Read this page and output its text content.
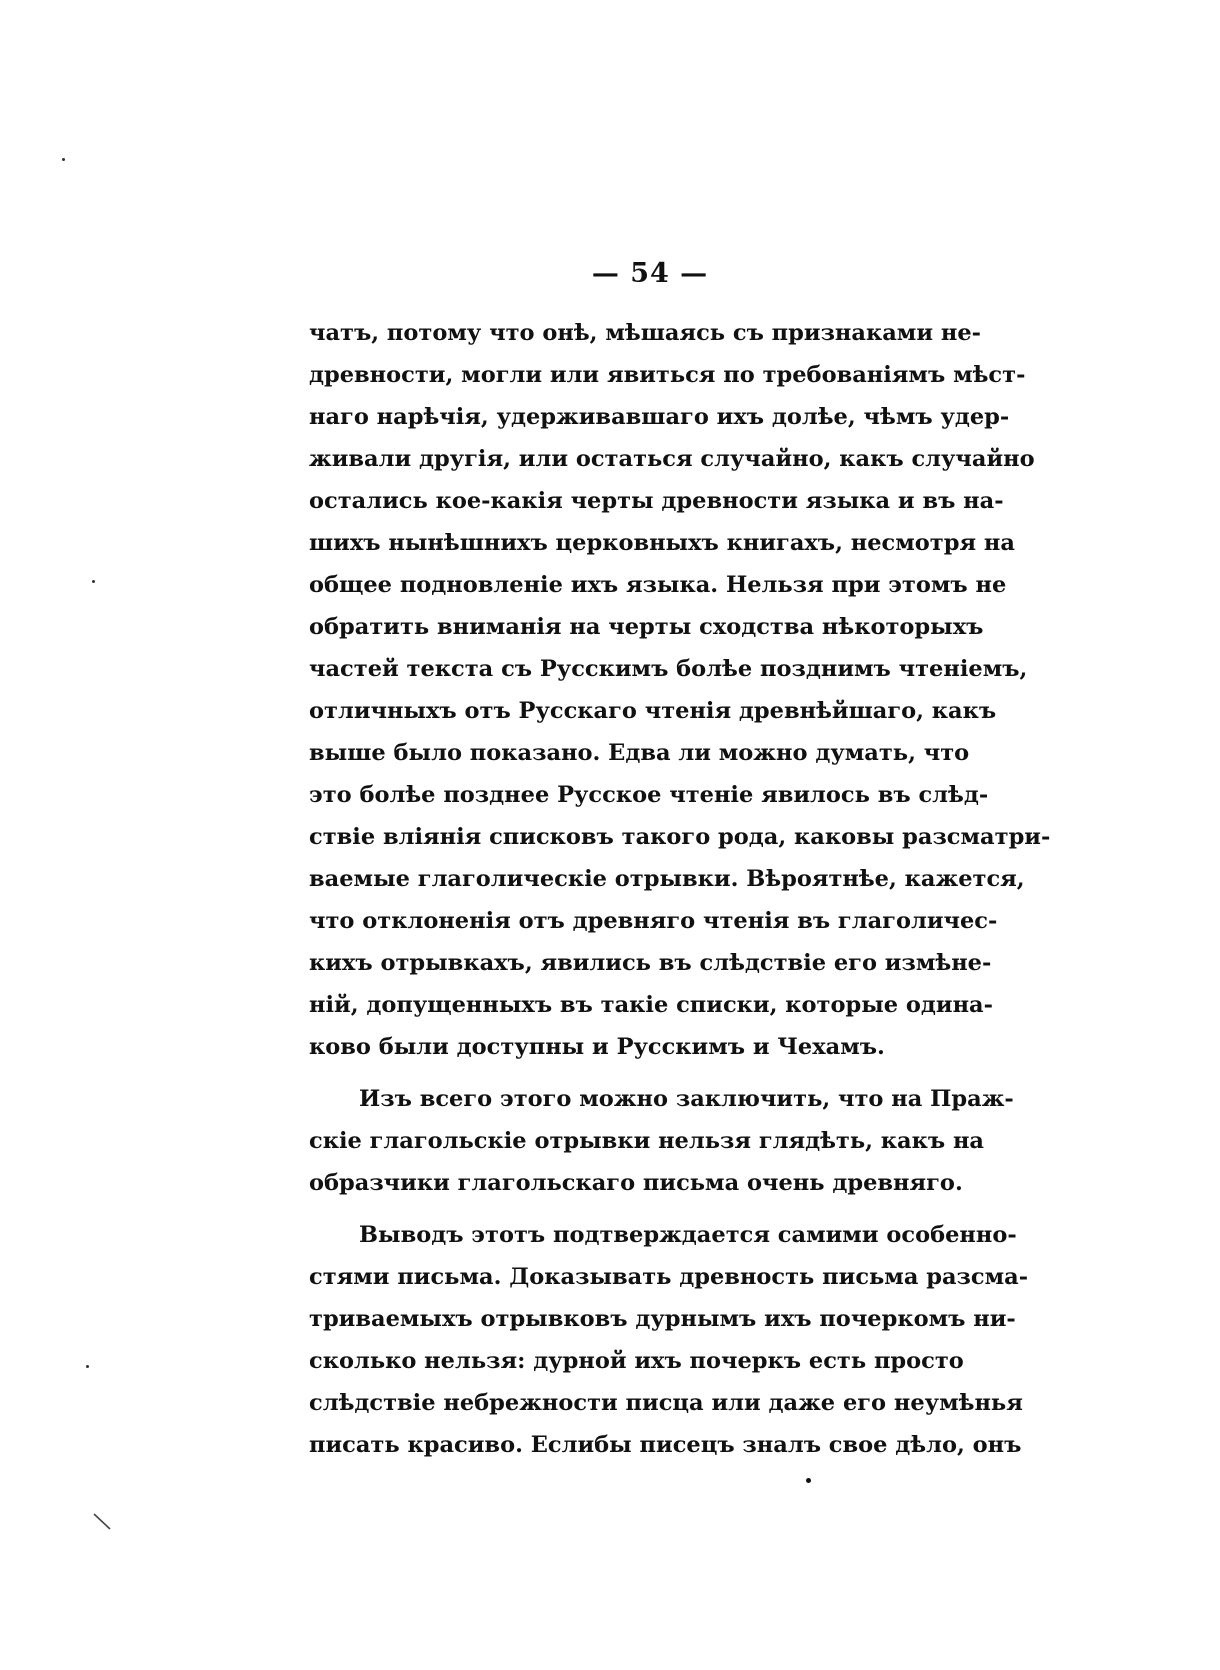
— 54 —
чатъ, потому что онѣ, мѣшаясь съ признаками не-
древности, могли или явиться по требованіямъ мѣст-
наго нарѣчія, удерживавшаго ихъ долѣе, чѣмъ удер-
живали другія, или остаться случайно, какъ случайно
остались кое-какія черты древности языка и въ на-
шихъ нынѣшнихъ церковныхъ книгахъ, несмотря на
общее подновленіе ихъ языка. Нельзя при этомъ не
обратить вниманія на черты сходства нѣкоторыхъ
частей текста съ Русскимъ болѣе позднимъ чтеніемъ,
отличныхъ отъ Русскаго чтенія древнѣйшаго, какъ
выше было показано. Едва ли можно думать, что
это болѣе позднее Русское чтеніе явилось въ слѣд-
ствіе вліянія списковъ такого рода, каковы разсматри-
ваемые глаголическіе отрывки. Вѣроятнѣе, кажется,
что отклоненія отъ древняго чтенія въ глаголичес-
кихъ отрывкахъ, явились въ слѣдствіе его измѣне-
ній, допущенныхъ въ такіе списки, которые одина-
ково были доступны и Русскимъ и Чехамъ.
Изъ всего этого можно заключить, что на Праж-
скіе глагольскіе отрывки нельзя глядѣть, какъ на
образчики глагольскаго письма очень древняго.
Выводъ этотъ подтверждается самими особенно-
стями письма. Доказывать древность письма разсма-
триваемыхъ отрывковъ дурнымъ ихъ почеркомъ ни-
сколько нельзя: дурной ихъ почеркъ есть просто
слѣдствіе небрежности писца или даже его неумѣнья
писать красиво. Еслибы писецъ зналъ свое дѣло, онъ
